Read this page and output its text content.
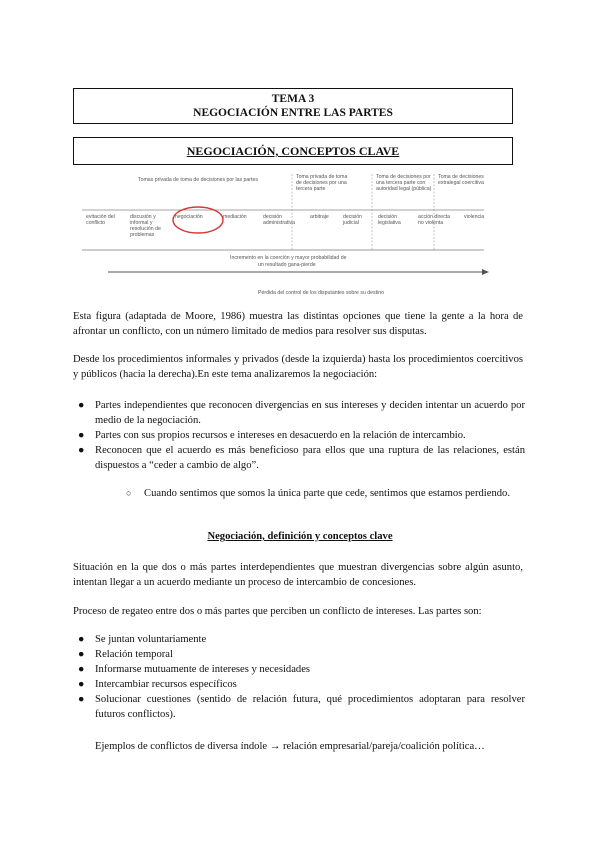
TEMA 3
NEGOCIACIÓN ENTRE LAS PARTES
NEGOCIACIÓN, CONCEPTOS CLAVE
Tomas privada de toma de decisiones por las partes	Toma privada de toma de decisiones por una tercera parte
Toma de decisiones por una tercera parte con autoridad legal (pública)
Toma de decisiones extralegal coercitiva
evitación del conflicto
discusión y informal y resolución de problemas
negociación	mediación	decisión administrativa
arbitraje	decisión judicial
decisión legislativa
acción directa no violenta
violencia
Incremento en la coerción y mayor probabilidad de
un resultado gana-pierde
Pérdida del control de los disputantes sobre su destino

Esta figura (adaptada de Moore, 1986) muestra las distintas opciones que tiene la gente a la hora de afrontar un conflicto, con un número limitado de medios para resolver sus disputas.

Desde los procedimientos informales y privados (desde la izquierda) hasta los procedimientos coercitivos y públicos (hacia la derecha).En este tema analizaremos la negociación:

● Partes independientes que reconocen divergencias en sus intereses y deciden intentar un acuerdo por medio de la negociación.
● Partes con sus propios recursos e intereses en desacuerdo en la relación de intercambio.
● Reconocen que el acuerdo es más beneficioso para ellos que una ruptura de las relaciones, están dispuestos a “ceder a cambio de algo”.
○ Cuando sentimos que somos la única parte que cede, sentimos que estamos perdiendo.
Negociación, definición y conceptos clave

Situación en la que dos o más partes interdependientes que muestran divergencias sobre algún asunto, intentan llegar a un acuerdo mediante un proceso de intercambio de concesiones.

Proceso de regateo entre dos o más partes que perciben un conflicto de intereses. Las partes son:

● Se juntan voluntariamente
● Relación temporal
● Informarse mutuamente de intereses y necesidades
● Intercambiar recursos específicos
● Solucionar cuestiones (sentido de relación futura, qué procedimientos adoptaran para resolver futuros conflictos).

Ejemplos de conflictos de diversa índole → relación empresarial/pareja/coalición política…
